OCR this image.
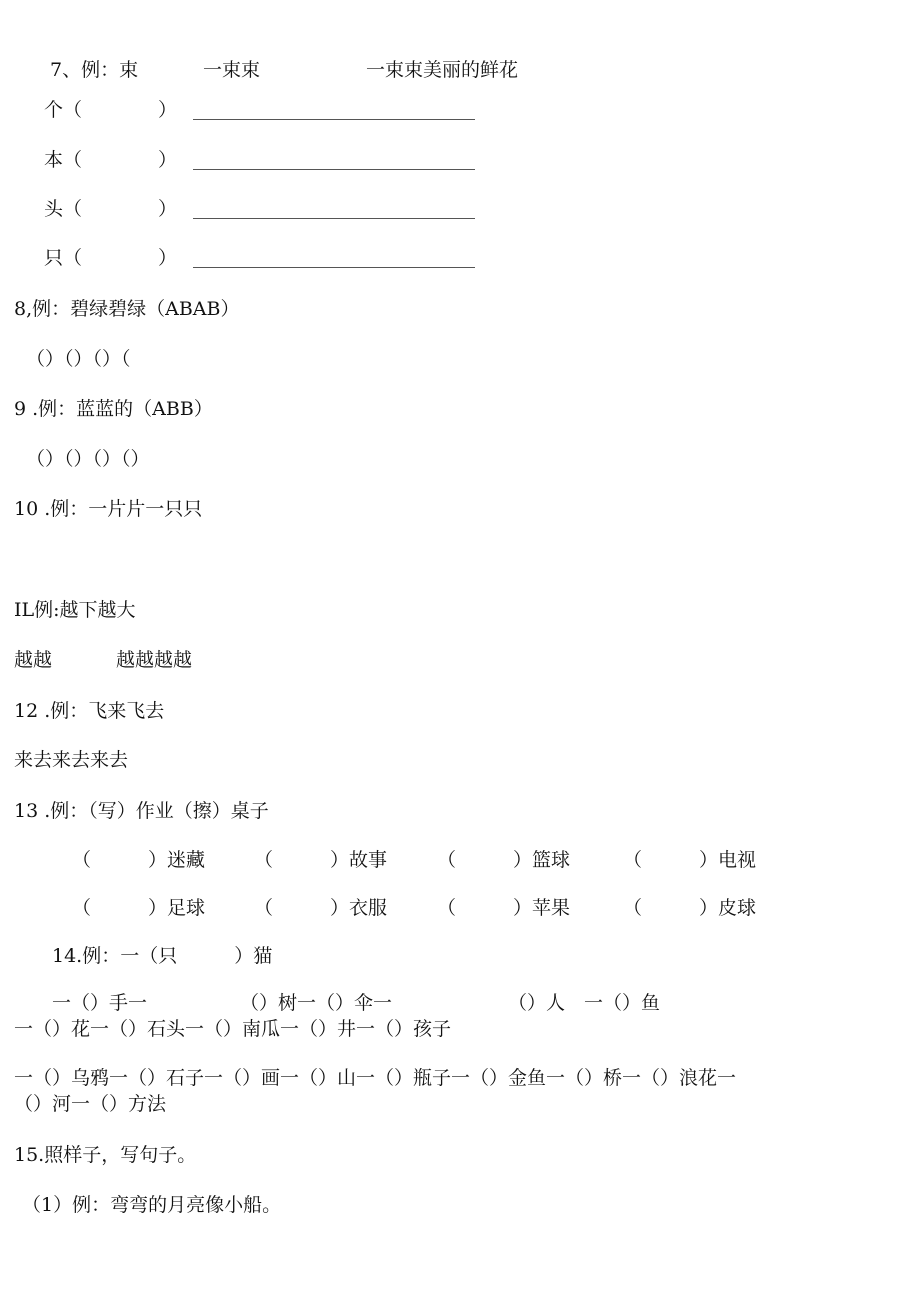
7、例：束	一束束	一束束美丽的鲜花
个（　　　　）
本（　　　　）
头（　　　　）
只（　　　　）
8,例：碧绿碧绿（ABAB）
（）（）（）（
9 .例：蓝蓝的（ABB）
（）（）（）（）
10 .例：一片片一只只
IL例:越下越大
越越	越越越越
12 .例：飞来飞去
来去来去来去
13 .例：（写）作业（擦）桌子
（　　　）迷藏	（　　　）故事	（　　　）篮球	（　　　）电视
（　　　）足球	（　　　）衣服	（　　　）苹果	（　　　）皮球
14.例：一（只　　　）猫
一（）手一	（）树一（）伞一	（）人　一（）鱼
一（）花一（）石头一（）南瓜一（）井一（）孩子
一（）乌鸦一（）石子一（）画一（）山一（）瓶子一（）金鱼一（）桥一（）浪花一
（）河一（）方法
15.照样子，写句子。
（1）例：弯弯的月亮像小船。
